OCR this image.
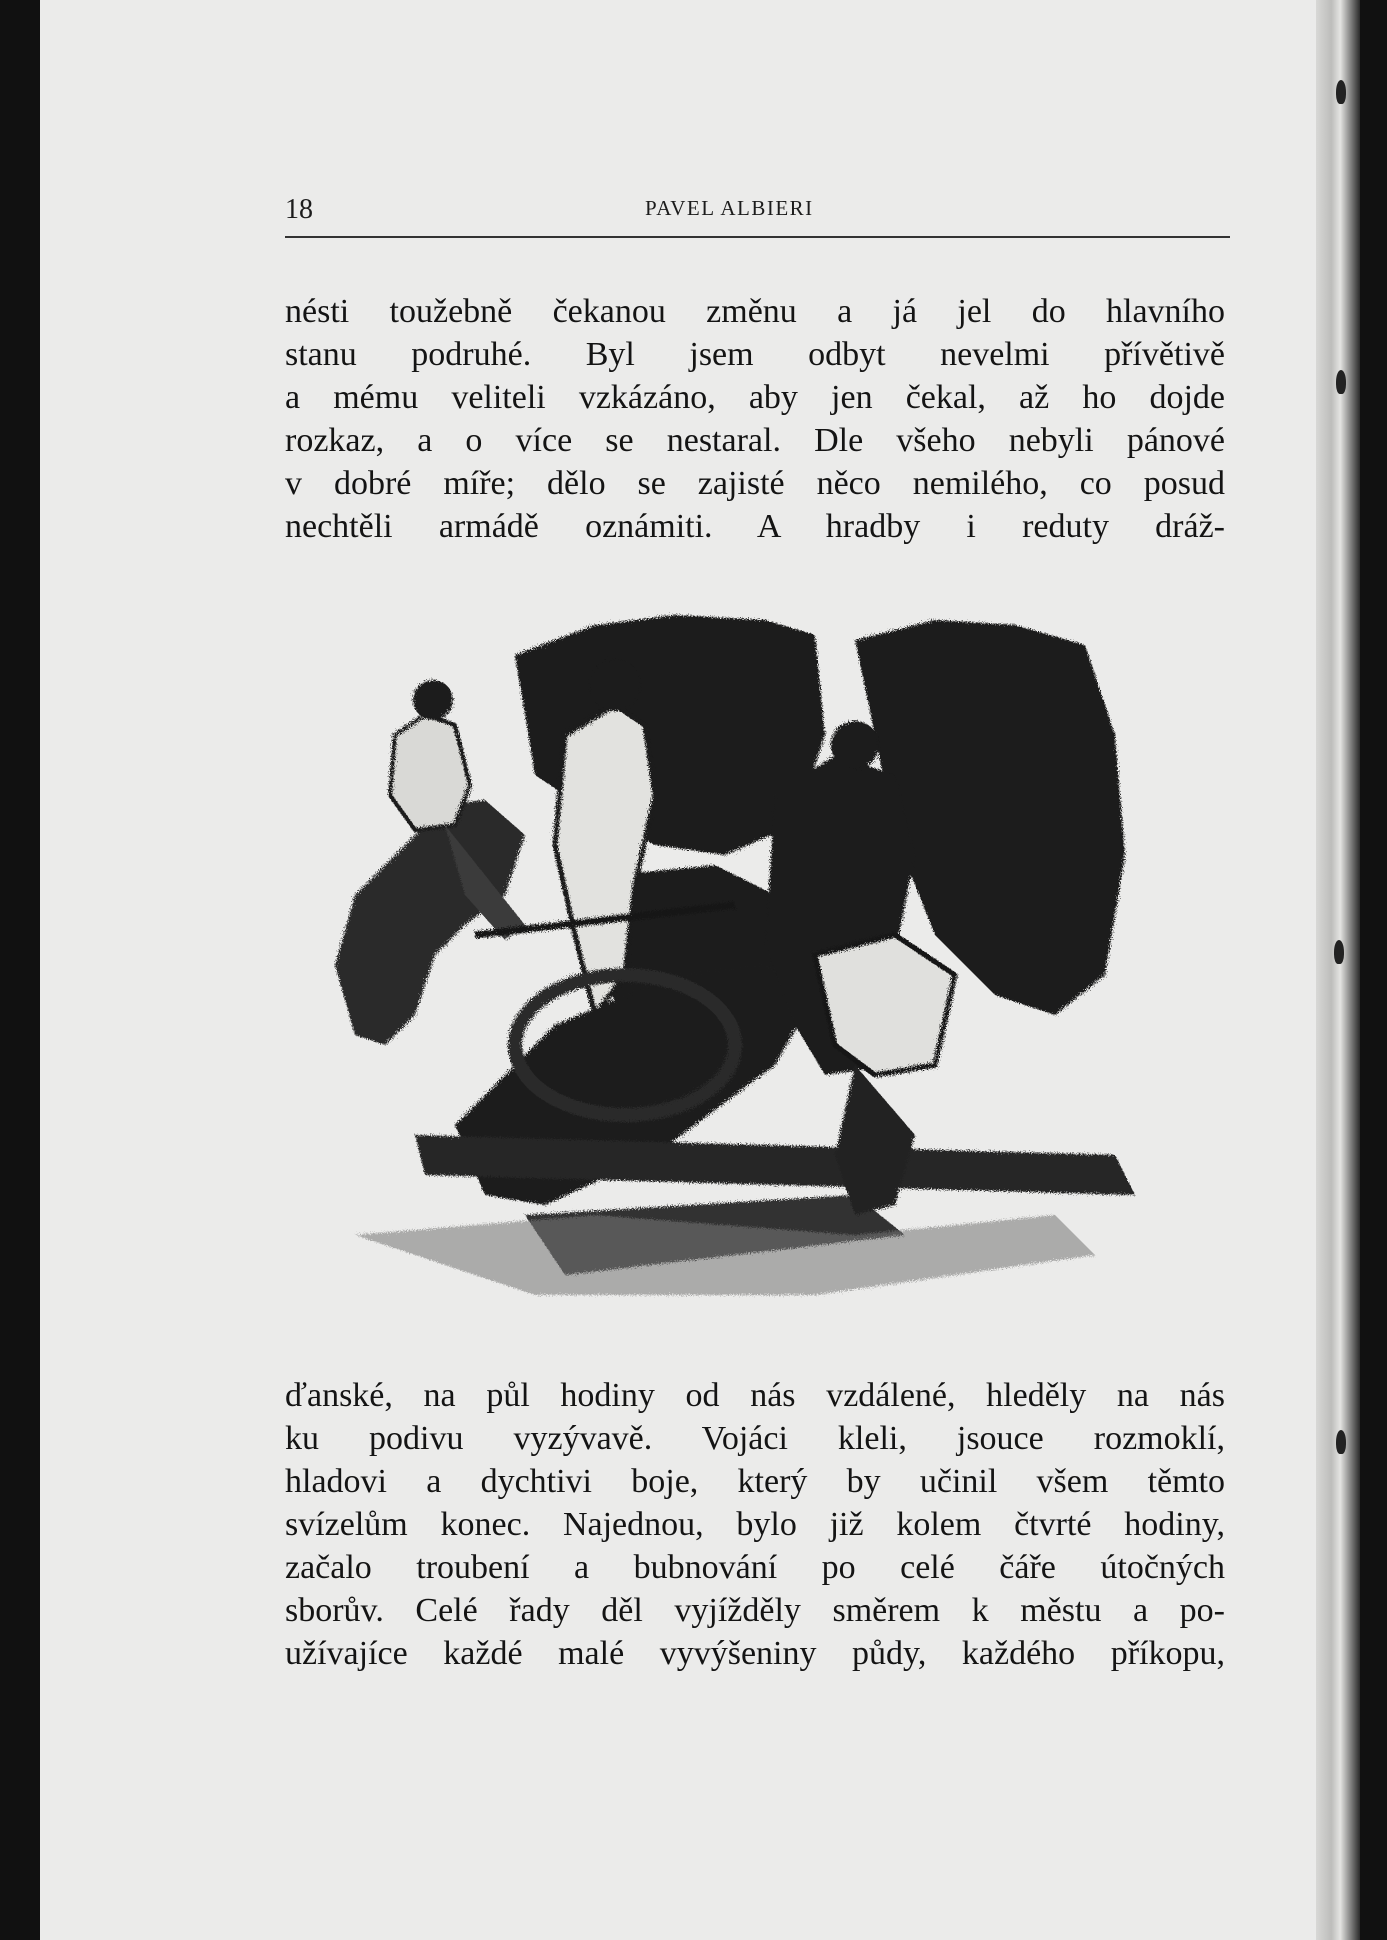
18	PAVEL ALBIERI

nésti toužebně čekanou změnu a já jel do hlavního

stanu podruhé. Byl jsem odbyt nevelmi přívětivě

a mému veliteli vzkázáno, aby jen čekal, až ho dojde

rozkaz, a o více se nestaral. Dle všeho nebyli pánové

v dobré míře; dělo se zajisté něco nemilého, co posud

nechtěli armádě oznámiti. A hradby i reduty dráž-

ďanské, na půl hodiny od nás vzdálené, hleděly na nás

ku podivu vyzývavě. Vojáci kleli, jsouce rozmoklí,

hladovi a dychtivi boje, který by učinil všem těmto

svízelům konec. Najednou, bylo již kolem čtvrté hodiny,

začalo troubení a bubnování po celé čáře útočných

sborův. Celé řady děl vyjížděly směrem k městu a po-

užívajíce každé malé vyvýšeniny půdy, každého příkopu,
